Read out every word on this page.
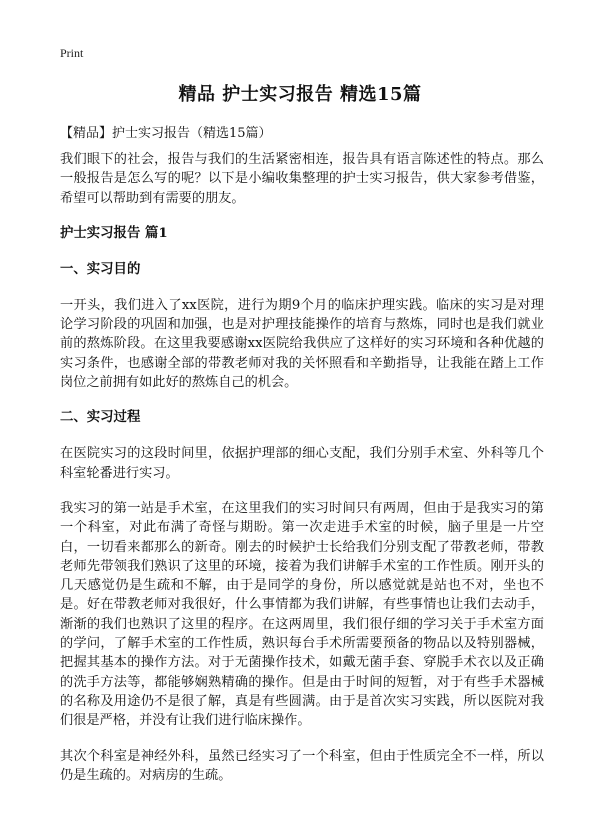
Print
精品 护士实习报告 精选15篇
【精品】护士实习报告（精选15篇）

我们眼下的社会，报告与我们的生活紧密相连，报告具有语言陈述性的特点。那么一般报告是怎么写的呢？以下是小编收集整理的护士实习报告，供大家参考借鉴，希望可以帮助到有需要的朋友。

护士实习报告 篇1
一、实习目的

一开头，我们进入了xx医院，进行为期9个月的临床护理实践。临床的实习是对理论学习阶段的巩固和加强，也是对护理技能操作的培育与熬炼，同时也是我们就业前的熬炼阶段。在这里我要感谢xx医院给我供应了这样好的实习环境和各种优越的实习条件，也感谢全部的带教老师对我的关怀照看和辛勤指导，让我能在踏上工作岗位之前拥有如此好的熬炼自己的机会。

二、实习过程

在医院实习的这段时间里，依据护理部的细心支配，我们分别手术室、外科等几个科室轮番进行实习。

我实习的第一站是手术室，在这里我们的实习时间只有两周，但由于是我实习的第一个科室，对此布满了奇怪与期盼。第一次走进手术室的时候，脑子里是一片空白，一切看来都那么的新奇。刚去的时候护士长给我们分别支配了带教老师，带教老师先带领我们熟识了这里的环境，接着为我们讲解手术室的工作性质。刚开头的几天感觉仍是生疏和不解，由于是同学的身份，所以感觉就是站也不对，坐也不是。好在带教老师对我很好，什么事情都为我们讲解，有些事情也让我们去动手，渐渐的我们也熟识了这里的程序。在这两周里，我们很仔细的学习关于手术室方面的学问，了解手术室的工作性质，熟识每台手术所需要预备的物品以及特别器械，把握其基本的操作方法。对于无菌操作技术，如戴无菌手套、穿脱手术衣以及正确的洗手方法等，都能够娴熟精确的操作。但是由于时间的短暂，对于有些手术器械的名称及用途仍不是很了解，真是有些圆满。由于是首次实习实践，所以医院对我们很是严格，并没有让我们进行临床操作。

其次个科室是神经外科，虽然已经实习了一个科室，但由于性质完全不一样，所以仍是生疏的。对病房的生疏。
